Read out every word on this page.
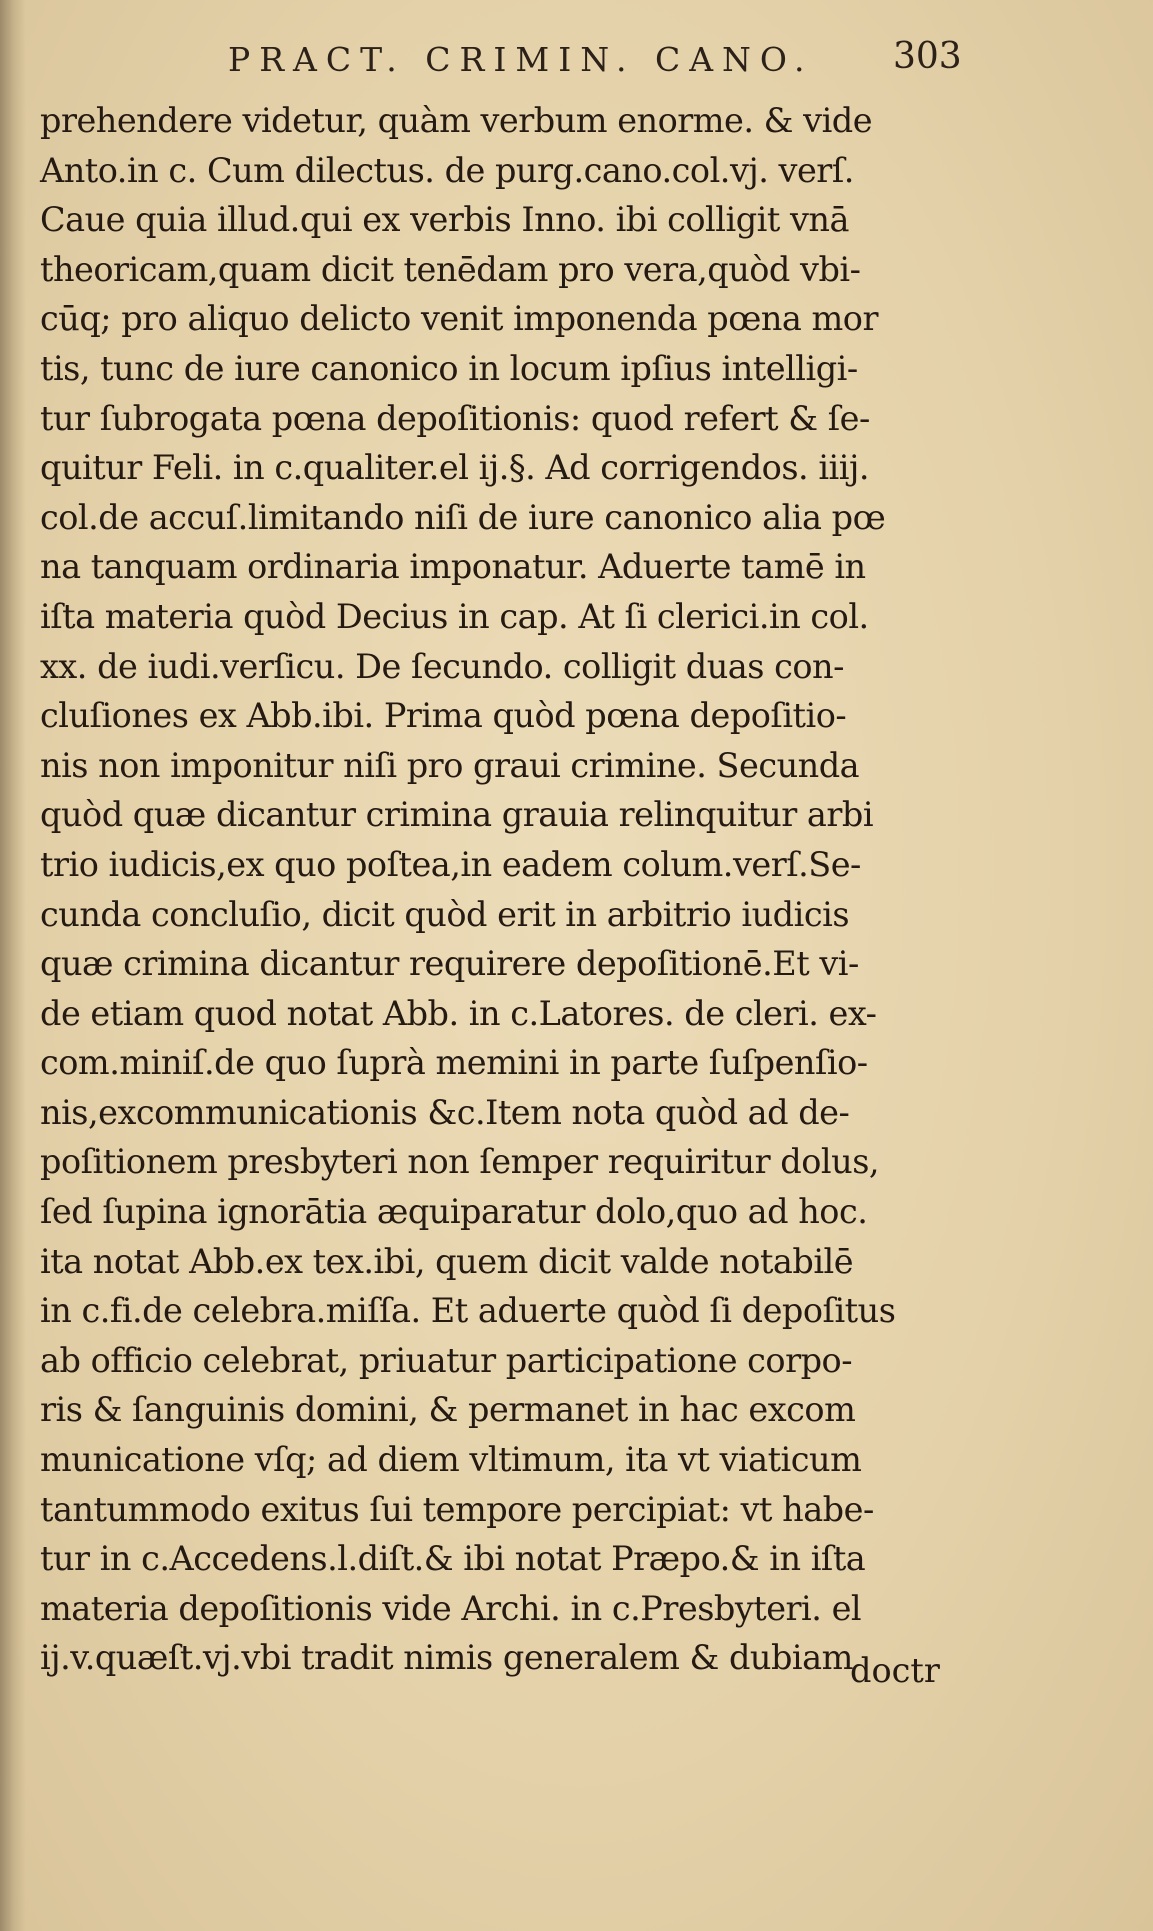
PRACT. CRIMIN. CANO. 303
prehendere videtur, quàm verbum enorme. & vide
Anto.in c. Cum dilectus. de purg.cano.col.vj. verſ.
Caue quia illud.qui ex verbis Inno. ibi colligit vnā
theoricam,quam dicit tenēdam pro vera,quòd vbi-
cūq; pro aliquo delicto venit imponenda pœna mor
tis, tunc de iure canonico in locum ipſius intelligi-
tur ſubrogata pœna depoſitionis: quod refert & ſe-
quitur Feli. in c.qualiter.el ij.§. Ad corrigendos. iiij.
col.de accuſ.limitando niſi de iure canonico alia pœ
na tanquam ordinaria imponatur. Aduerte tamē in
iſta materia quòd Decius in cap. At ſi clerici.in col.
xx. de iudi.verſicu. De ſecundo. colligit duas con-
cluſiones ex Abb.ibi. Prima quòd pœna depoſitio-
nis non imponitur niſi pro graui crimine. Secunda
quòd quæ dicantur crimina grauia relinquitur arbi
trio iudicis,ex quo poſtea,in eadem colum.verſ.Se-
cunda concluſio, dicit quòd erit in arbitrio iudicis
quæ crimina dicantur requirere depoſitionē.Et vi-
de etiam quod notat Abb. in c.Latores. de cleri. ex-
com.miniſ.de quo ſuprà memini in parte ſuſpenſio-
nis,excommunicationis &c.Item nota quòd ad de-
poſitionem presbyteri non ſemper requiritur dolus,
ſed ſupina ignorātia æquiparatur dolo,quo ad hoc.
ita notat Abb.ex tex.ibi, quem dicit valde notabilē
in c.fi.de celebra.miſſa. Et aduerte quòd ſi depoſitus
ab officio celebrat, priuatur participatione corpo-
ris & ſanguinis domini, & permanet in hac excom
municatione vſq; ad diem vltimum, ita vt viaticum
tantummodo exitus ſui tempore percipiat: vt habe-
tur in c.Accedens.l.diſt.& ibi notat Præpo.& in iſta
materia depoſitionis vide Archi. in c.Presbyteri. el
ij.v.quæſt.vj.vbi tradit nimis generalem & dubiam
doctr
